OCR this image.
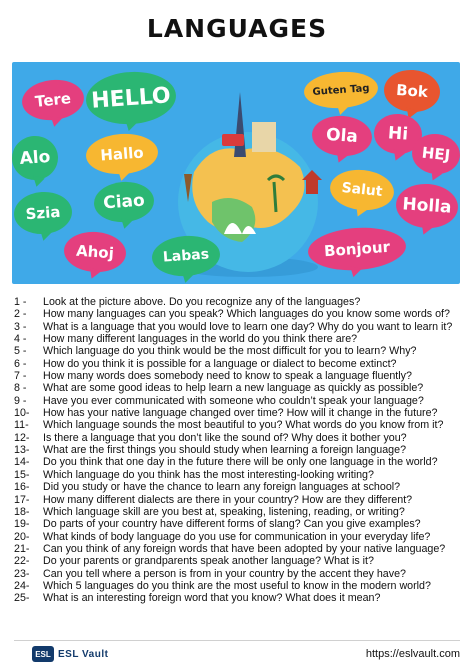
LANGUAGES
Tere HELLO	Guten Tag Bok
Alo	Hallo
Ola Hi
HEJ
Szia Ciao
Salut
Holla
Ahoj	Labas	Bonjour
1 -	Look at the picture above. Do you recognize any of the languages?
2 -	How many languages can you speak? Which languages do you know some words of?
3 -	What is a language that you would love to learn one day? Why do you want to learn it?
4 -	How many different languages in the world do you think there are?
5 -	Which language do you think would be the most difficult for you to learn? Why?
6 -	How do you think it is possible for a language or dialect to become extinct?
7 -	How many words does somebody need to know to speak a language fluently?
8 -	What are some good ideas to help learn a new language as quickly as possible?
9 -	Have you ever communicated with someone who couldn’t speak your language?
10-	How has your native language changed over time? How will it change in the future?
11-	Which language sounds the most beautiful to you? What words do you know from it?
12-	Is there a language that you don’t like the sound of? Why does it bother you?
13-	What are the first things you should study when learning a foreign language?
14-	Do you think that one day in the future there will be only one language in the world?
15-	Which language do you think has the most interesting-looking writing?
16-	Did you study or have the chance to learn any foreign languages at school?
17-	How many different dialects are there in your country? How are they different?
18-	Which language skill are you best at, speaking, listening, reading, or writing?
19-	Do parts of your country have different forms of slang? Can you give examples?
20-	What kinds of body language do you use for communication in your everyday life?
21-	Can you think of any foreign words that have been adopted by your native language?
22-	Do your parents or grandparents speak another language? What is it?
23-	Can you tell where a person is from in your country by the accent they have?
24-	Which 5 languages do you think are the most useful to know in the modern world?
25-	What is an interesting foreign word that you know? What does it mean?
ESL ESL Vault	https://eslvault.com
